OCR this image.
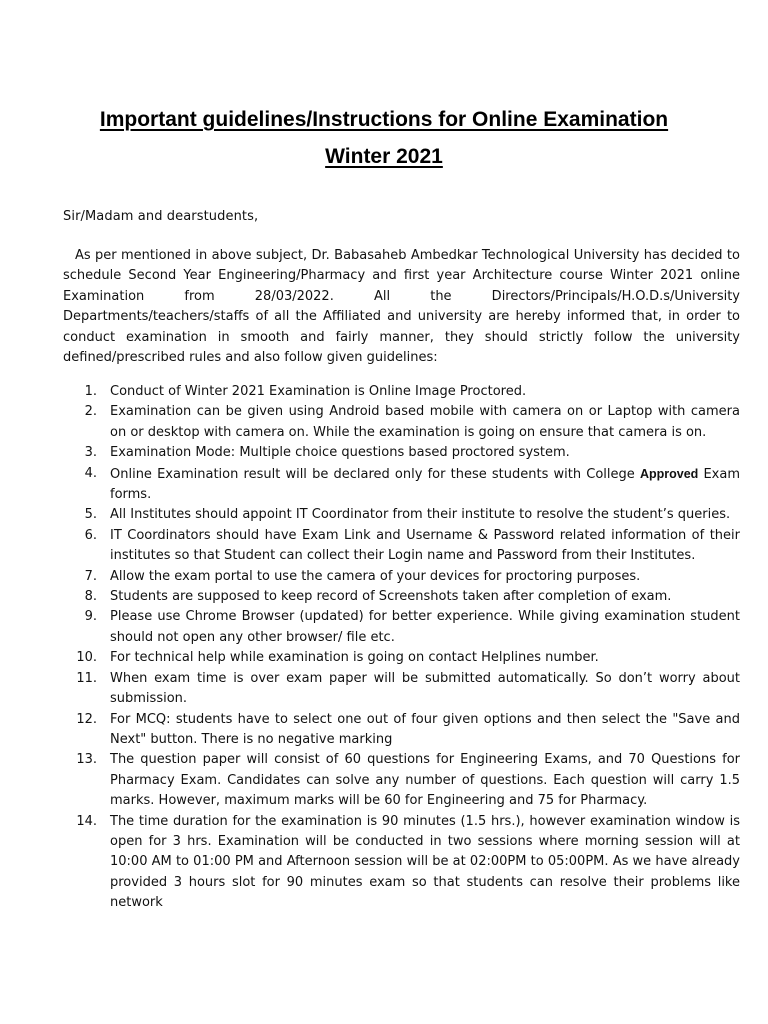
Important guidelines/Instructions for Online Examination
Winter 2021

Sir/Madam and dearstudents,

As per mentioned in above subject, Dr. Babasaheb Ambedkar Technological University has decided to schedule Second Year Engineering/Pharmacy and first year Architecture course Winter 2021 online Examination from 28/03/2022. All the Directors/Principals/H.O.D.s/University Departments/teachers/staffs of all the Affiliated and university are hereby informed that, in order to conduct examination in smooth and fairly manner, they should strictly follow the university defined/prescribed rules and also follow given guidelines:

1. Conduct of Winter 2021 Examination is Online Image Proctored.
2. Examination can be given using Android based mobile with camera on or Laptop with camera on or desktop with camera on. While the examination is going on ensure that camera is on.
3. Examination Mode: Multiple choice questions based proctored system.
4. Online Examination result will be declared only for these students with College Approved Exam forms.
5. All Institutes should appoint IT Coordinator from their institute to resolve the student’s queries.
6. IT Coordinators should have Exam Link and Username & Password related information of their institutes so that Student can collect their Login name and Password from their Institutes.
7. Allow the exam portal to use the camera of your devices for proctoring purposes.
8. Students are supposed to keep record of Screenshots taken after completion of exam.
9. Please use Chrome Browser (updated) for better experience. While giving examination student should not open any other browser/ file etc.
10. For technical help while examination is going on contact Helplines number.
11. When exam time is over exam paper will be submitted automatically. So don’t worry about submission.
12. For MCQ: students have to select one out of four given options and then select the "Save and Next" button. There is no negative marking
13. The question paper will consist of 60 questions for Engineering Exams, and 70 Questions for Pharmacy Exam. Candidates can solve any number of questions. Each question will carry 1.5 marks. However, maximum marks will be 60 for Engineering and 75 for Pharmacy.
14. The time duration for the examination is 90 minutes (1.5 hrs.), however examination window is open for 3 hrs. Examination will be conducted in two sessions where morning session will at 10:00 AM to 01:00 PM and Afternoon session will be at 02:00PM to 05:00PM. As we have already provided 3 hours slot for 90 minutes exam so that students can resolve their problems like network
